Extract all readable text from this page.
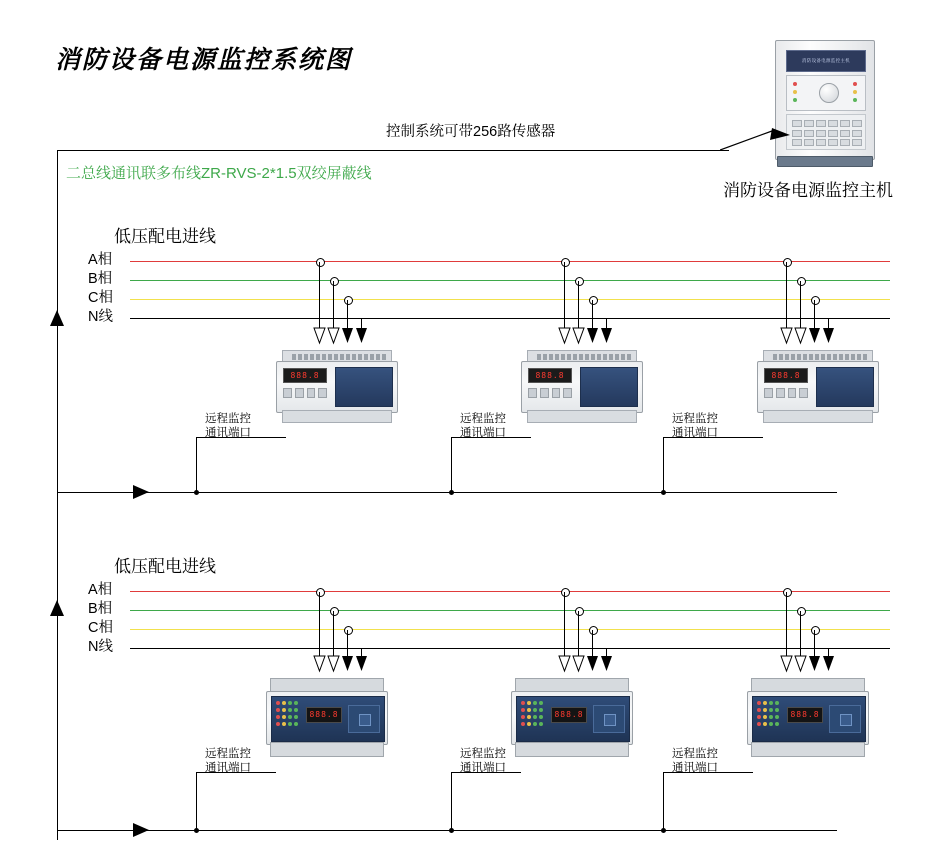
消防设备电源监控系统图	消防设备电源监控主机
消防设备电源监控主机
控制系统可带256路传感器
二总线通讯联多布线ZR-RVS-2*1.5双绞屏蔽线
低压配电进线
A相
B相
C相
N线
888.8
远程监控
通讯端口
888.8
远程监控
通讯端口
888.8
远程监控
通讯端口
低压配电进线
A相
B相
C相
N线
888.8
远程监控
通讯端口
888.8
远程监控
通讯端口
888.8
远程监控
通讯端口
